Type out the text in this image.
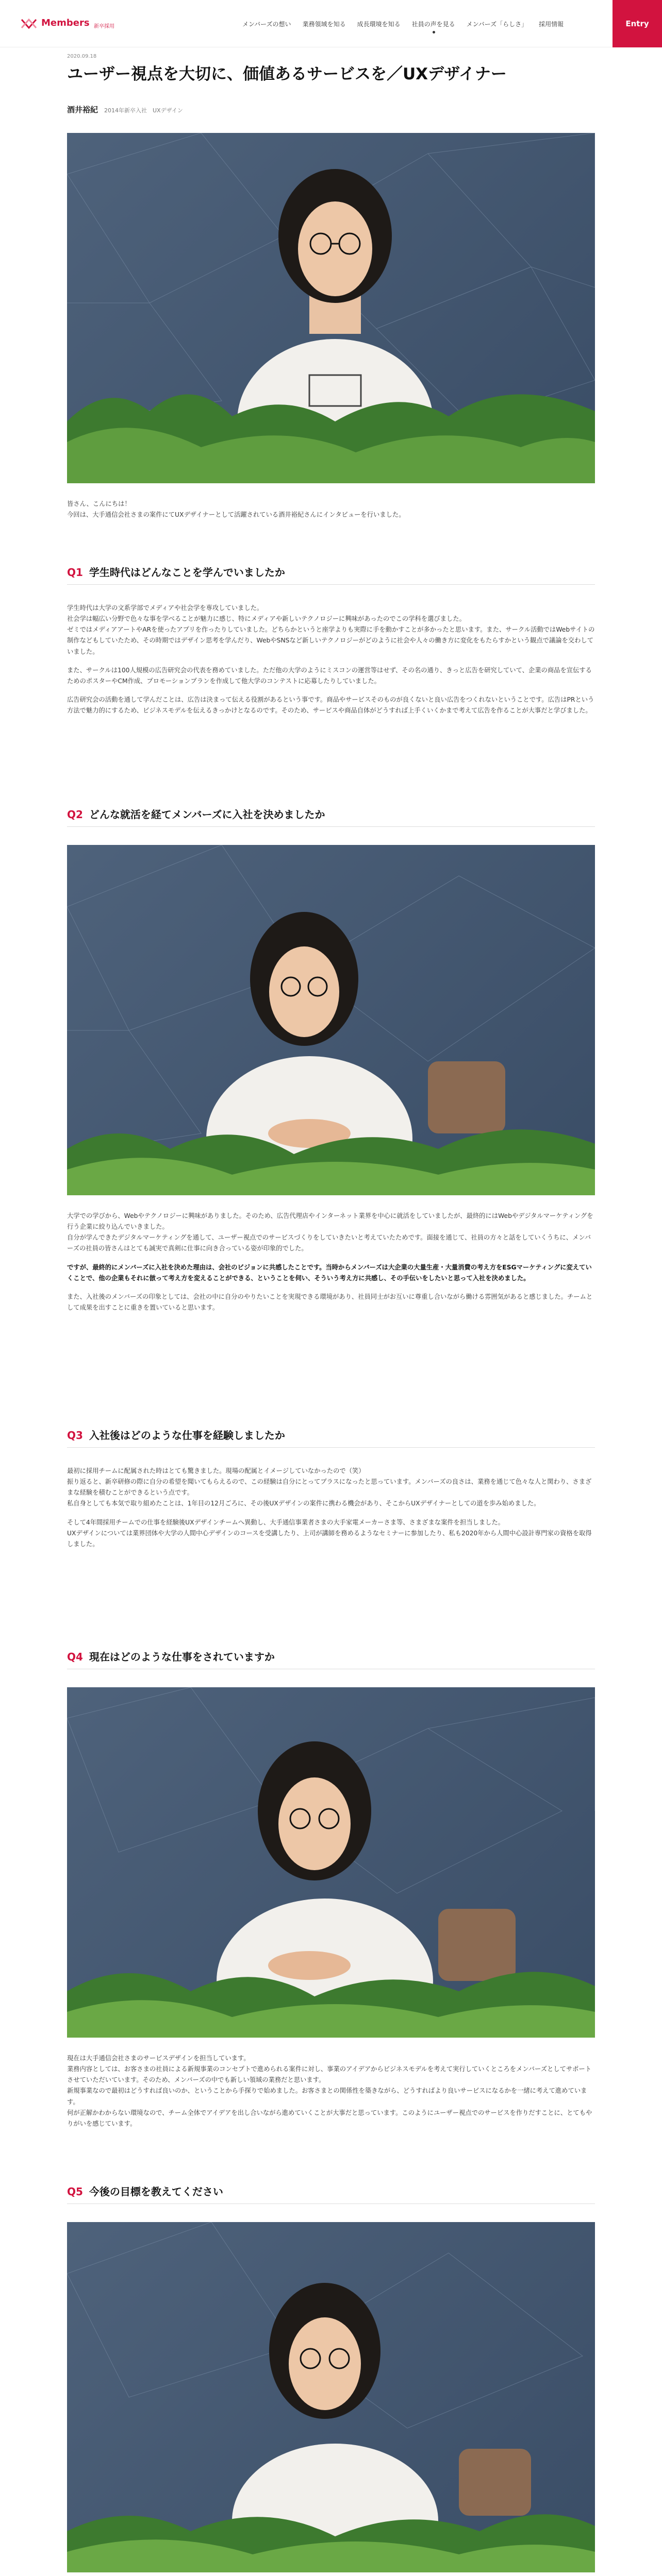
Members 新卒採用	メンバーズの想い 業務領域を知る 成長環境を知る 社員の声を見る メンバーズ「らしさ」 採用情報	Entry
2020.09.18
ユーザー視点を大切に、価値あるサービスを／UXデザイナー
酒井裕紀 2014年新卒入社　UXデザイン

皆さん、こんにちは！
今回は、大手通信会社さまの案件にてUXデザイナーとして活躍されている酒井裕紀さんにインタビューを行いました。

Q1 学生時代はどんなことを学んでいましたか

学生時代は大学の文系学部でメディアや社会学を専攻していました。
社会学は幅広い分野で色々な事を学べることが魅力に感じ、特にメディアや新しいテクノロジーに興味があったのでこの学科を選びました。
ゼミではメディアアートやARを使ったアプリを作ったりしていました。どちらかというと座学よりも実際に手を動かすことが多かったと思います。また、サークル活動ではWebサイトの制作などもしていたため、その時期ではデザイン思考を学んだり、WebやSNSなど新しいテクノロジーがどのように社会や人々の働き方に変化をもたらすかという観点で議論を交わしていました。

また、サークルは100人規模の広告研究会の代表を務めていました。ただ他の大学のようにミスコンの運営等はせず、その名の通り、きっと広告を研究していて、企業の商品を宣伝するためのポスターやCM作成、プロモーションプランを作成して他大学のコンテストに応募したりしていました。

広告研究会の活動を通して学んだことは、広告は決まって伝える役割があるという事です。商品やサービスそのものが良くないと良い広告をつくれないということです。広告はPRという方法で魅力的にするため、ビジネスモデルを伝えるきっかけとなるのです。そのため、サービスや商品自体がどうすれば上手くいくかまで考えて広告を作ることが大事だと学びました。

Q2 どんな就活を経てメンバーズに入社を決めましたか

大学での学びから、Webやテクノロジーに興味がありました。そのため、広告代理店やインターネット業界を中心に就活をしていましたが、最終的にはWebやデジタルマーケティングを行う企業に絞り込んでいきました。
自分が学んできたデジタルマーケティングを通して、ユーザー視点でのサービスづくりをしていきたいと考えていたためです。面接を通じて、社員の方々と話をしていくうちに、メンバーズの社員の皆さんはとても誠実で真剣に仕事に向き合っている姿が印象的でした。

ですが、最終的にメンバーズに入社を決めた理由は、会社のビジョンに共感したことです。当時からメンバーズは大企業の大量生産・大量消費の考え方をESGマーケティングに変えていくことで、他の企業もそれに倣って考え方を変えることができる、ということを伺い、そういう考え方に共感し、その手伝いをしたいと思って入社を決めました。

また、入社後のメンバーズの印象としては、会社の中に自分のやりたいことを実現できる環境があり、社員同士がお互いに尊重し合いながら働ける雰囲気があると感じました。チームとして成果を出すことに重きを置いていると思います。

Q3 入社後はどのような仕事を経験しましたか

最初に採用チームに配属された時はとても驚きました。現場の配属とイメージしていなかったので（笑）
振り返ると、新卒研修の際に自分の希望を聞いてもらえるので、この経験は自分にとってプラスになったと思っています。メンバーズの良さは、業務を通じて色々な人と関わり、さまざまな経験を積むことができるという点です。
私自身としても本気で取り組めたことは、1年目の12月ごろに、その後UXデザインの案件に携わる機会があり、そこからUXデザイナーとしての道を歩み始めました。

そして4年間採用チームでの仕事を経験後UXデザインチームへ異動し、大手通信事業者さまの大手家電メーカーさま等、さまざまな案件を担当しました。
UXデザインについては業界団体や大学の人間中心デザインのコースを受講したり、上司が講師を務めるようなセミナーに参加したり、私も2020年から人間中心設計専門家の資格を取得しました。

Q4 現在はどのような仕事をされていますか

現在は大手通信会社さまのサービスデザインを担当しています。
業務内容としては、お客さまの社員による新規事業のコンセプトで進められる案件に対し、事業のアイデアからビジネスモデルを考えて実行していくところをメンバーズとしてサポートさせていただいています。そのため、メンバーズの中でも新しい領域の業務だと思います。
新規事業なので最初はどうすれば良いのか、ということから手探りで始めました。お客さまとの関係性を築きながら、どうすればより良いサービスになるかを一緒に考えて進めています。
何が正解かわからない環境なので、チーム全体でアイデアを出し合いながら進めていくことが大事だと思っています。このようにユーザー視点でのサービスを作りだすことに、とてもやりがいを感じています。

Q5 今後の目標を教えてください
